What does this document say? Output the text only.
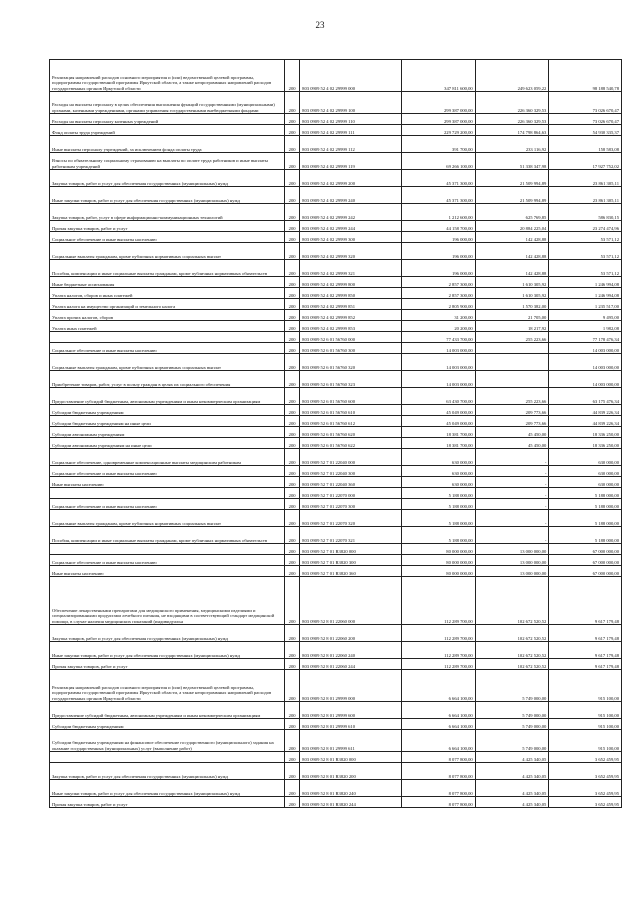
23
Реализация направлений расходов основного мероприятия и (или) ведомственной целевой программы, подпрограммы государственной программы Иркутской области, а также непрограммных направлений расходов государственных органов Иркутской области	200	803 0909 52 4 02 29999 000	347 811 600,00	249 623 059,22	98 188 540,78
Расходы на выплаты персоналу в целях обеспечения выполнения функций государственными (муниципальными) органами, казенными учреждениями, органами управления государственными внебюджетными фондами	200	803 0909 52 4 02 29999 100	299 387 000,00	226 360 329,53	73 026 670,47
Расходы на выплаты персоналу казенных учреждений	200	803 0909 52 4 02 29999 110	299 387 000,00	226 360 329,53	73 026 670,47
Фонд оплаты труда учреждений	200	803 0909 52 4 02 29999 111	229 729 200,00	174 798 864,63	54 930 335,37
Иные выплаты персоналу учреждений, за исключением фонда оплаты труда	200	803 0909 52 4 02 29999 112	391 700,00	233 116,92	158 583,08
Взносы по обязательному социальному страхованию на выплаты по оплате труда работников и иные выплаты работникам учреждений	200	803 0909 52 4 02 29999 119	69 266 100,00	51 338 347,98	17 927 752,02
Закупка товаров, работ и услуг для обеспечения государственных (муниципальных) нужд	200	803 0909 52 4 02 29999 200	45 371 300,00	21 509 994,89	23 861 305,11
Иные закупки товаров, работ и услуг для обеспечения государственных (муниципальных) нужд	200	803 0909 52 4 02 29999 240	45 371 300,00	21 509 994,89	23 861 305,11
Закупка товаров, работ, услуг в сфере информационно-коммуникационных технологий	200	803 0909 52 4 02 29999 242	1 212 600,00	625 769,85	586 830,15
Прочая закупка товаров, работ и услуг	200	803 0909 52 4 02 29999 244	44 158 700,00	20 884 225,04	23 274 474,96
Социальное обеспечение и иные выплаты населению	200	803 0909 52 4 02 29999 300	196 000,00	142 428,88	53 571,12
Социальные выплаты гражданам, кроме публичных нормативных социальных выплат	200	803 0909 52 4 02 29999 320	196 000,00	142 428,88	53 571,12
Пособия, компенсации и иные социальные выплаты гражданам, кроме публичных нормативных обязательств	200	803 0909 52 4 02 29999 321	196 000,00	142 428,88	53 571,12
Иные бюджетные ассигнования	200	803 0909 52 4 02 29999 800	2 857 300,00	1 610 305,92	1 246 994,08
Уплата налогов, сборов и иных платежей	200	803 0909 52 4 02 29999 850	2 857 300,00	1 610 305,92	1 246 994,08
Уплата налога на имущество организаций и земельного налога	200	803 0909 52 4 02 29999 851	2 805 900,00	1 570 382,00	1 235 517,00
Уплата прочих налогов, сборов	200	803 0909 52 4 02 29999 852	31 200,00	21 705,00	9 495,00
Уплата иных платежей	200	803 0909 52 4 02 29999 853	20 200,00	18 217,92	1 982,08
	200	803 0909 52 6 01 56760 000	77 433 700,00	255 223,66	77 178 476,34
Социальное обеспечение и иные выплаты населению	200	803 0909 52 6 01 56760 300	14 003 000,00		14 003 000,00
Социальные выплаты гражданам, кроме публичных нормативных социальных выплат	200	803 0909 52 6 01 56760 320	14 003 000,00		14 003 000,00
Приобретение товаров, работ, услуг в пользу граждан в целях их социального обеспечения	200	803 0909 52 6 01 56760 323	14 003 000,00		14 003 000,00
Предоставление субсидий бюджетным, автономным учреждениям и иным некоммерческим организациям	200	803 0909 52 6 01 56760 600	63 430 700,00	255 223,66	63 175 476,34
Субсидии бюджетным учреждениям	200	803 0909 52 6 01 56760 610	45 049 000,00	209 773,66	44 839 226,34
Субсидии бюджетным учреждениям на иные цели	200	803 0909 52 6 01 56760 612	45 049 000,00	209 773,66	44 839 226,34
Субсидии автономным учреждениям	200	803 0909 52 6 01 56760 620	18 381 700,00	45 450,00	18 336 250,00
Субсидии автономным учреждениям на иные цели	200	803 0909 52 6 01 56760 622	18 381 700,00	45 450,00	18 336 250,00
Социальное обеспечение, одновременные компенсационные выплаты медицинским работникам	200	803 0909 52 7 01 22040 000	630 000,00	-	630 000,00
Социальное обеспечение и иные выплаты населению	200	803 0909 52 7 01 22040 300	630 000,00	-	630 000,00
Иные выплаты населению	200	803 0909 52 7 01 22040 360	630 000,00	-	630 000,00
	200	803 0909 52 7 01 22070 000	5 188 000,00	-	5 188 000,00
Социальное обеспечение и иные выплаты населению	200	803 0909 52 7 01 22070 300	5 188 000,00	-	5 188 000,00
Социальные выплаты гражданам, кроме публичных нормативных социальных выплат	200	803 0909 52 7 01 22070 320	5 188 000,00	-	5 188 000,00
Пособия, компенсации и иные социальные выплаты гражданам, кроме публичных нормативных обязательств	200	803 0909 52 7 01 22070 321	5 188 000,00	-	5 188 000,00
	200	803 0909 52 7 01 R3820 000	80 000 000,00	13 000 000,00	67 000 000,00
Социальное обеспечение и иные выплаты населению	200	803 0909 52 7 01 R3820 300	80 000 000,00	13 000 000,00	67 000 000,00
Иные выплаты населению	200	803 0909 52 7 01 R3820 360	80 000 000,00	13 000 000,00	67 000 000,00
Обеспечение лекарственными препаратами для медицинского применения, медицинскими изделиями и специализированными продуктами лечебного питания, не входящими в соответствующий стандарт медицинской помощи, в случае наличия медицинских показаний (индивидуальн	200	803 0909 52 8 01 22060 000	112 289 700,00	102 672 520,52	9 617 179,48
Закупка товаров, работ и услуг для обеспечения государственных (муниципальных) нужд	200	803 0909 52 8 01 22060 200	112 289 700,00	102 672 520,52	9 617 179,48
Иные закупки товаров, работ и услуг для обеспечения государственных (муниципальных) нужд	200	803 0909 52 8 01 22060 240	112 289 700,00	102 672 520,52	9 617 179,48
Прочая закупка товаров, работ и услуг	200	803 0909 52 8 01 22060 244	112 289 700,00	102 672 520,52	9 617 179,48
Реализация направлений расходов основного мероприятия и (или) ведомственной целевой программы, подпрограммы государственной программы Иркутской области, а также непрограммных направлений расходов государственных органов Иркутской области	200	803 0909 52 8 01 29999 000	6 664 100,00	5 749 000,00	915 100,00
Предоставление субсидий бюджетным, автономным учреждениям и иным некоммерческим организациям	200	803 0909 52 8 01 29999 600	6 664 100,00	5 749 000,00	915 100,00
Субсидии бюджетным учреждениям	200	803 0909 52 8 01 29999 610	6 664 100,00	5 749 000,00	915 100,00
Субсидии бюджетным учреждениям на финансовое обеспечение государственного (муниципального) задания на оказание государственных (муниципальных) услуг (выполнение работ)	200	803 0909 52 8 01 29999 611	6 664 100,00	5 749 000,00	915 100,00
	200	803 0909 52 8 01 R3820 000	8 077 800,00	4 425 340,05	3 652 459,95
Закупка товаров, работ и услуг для обеспечения государственных (муниципальных) нужд	200	803 0909 52 8 01 R3820 200	8 077 800,00	4 425 340,05	3 652 459,95
Иные закупки товаров, работ и услуг для обеспечения государственных (муниципальных) нужд	200	803 0909 52 8 01 R3820 240	8 077 800,00	4 425 340,05	3 652 459,95
Прочая закупка товаров, работ и услуг	200	803 0909 52 8 01 R3820 244	8 077 800,00	4 425 340,05	3 652 459,95
